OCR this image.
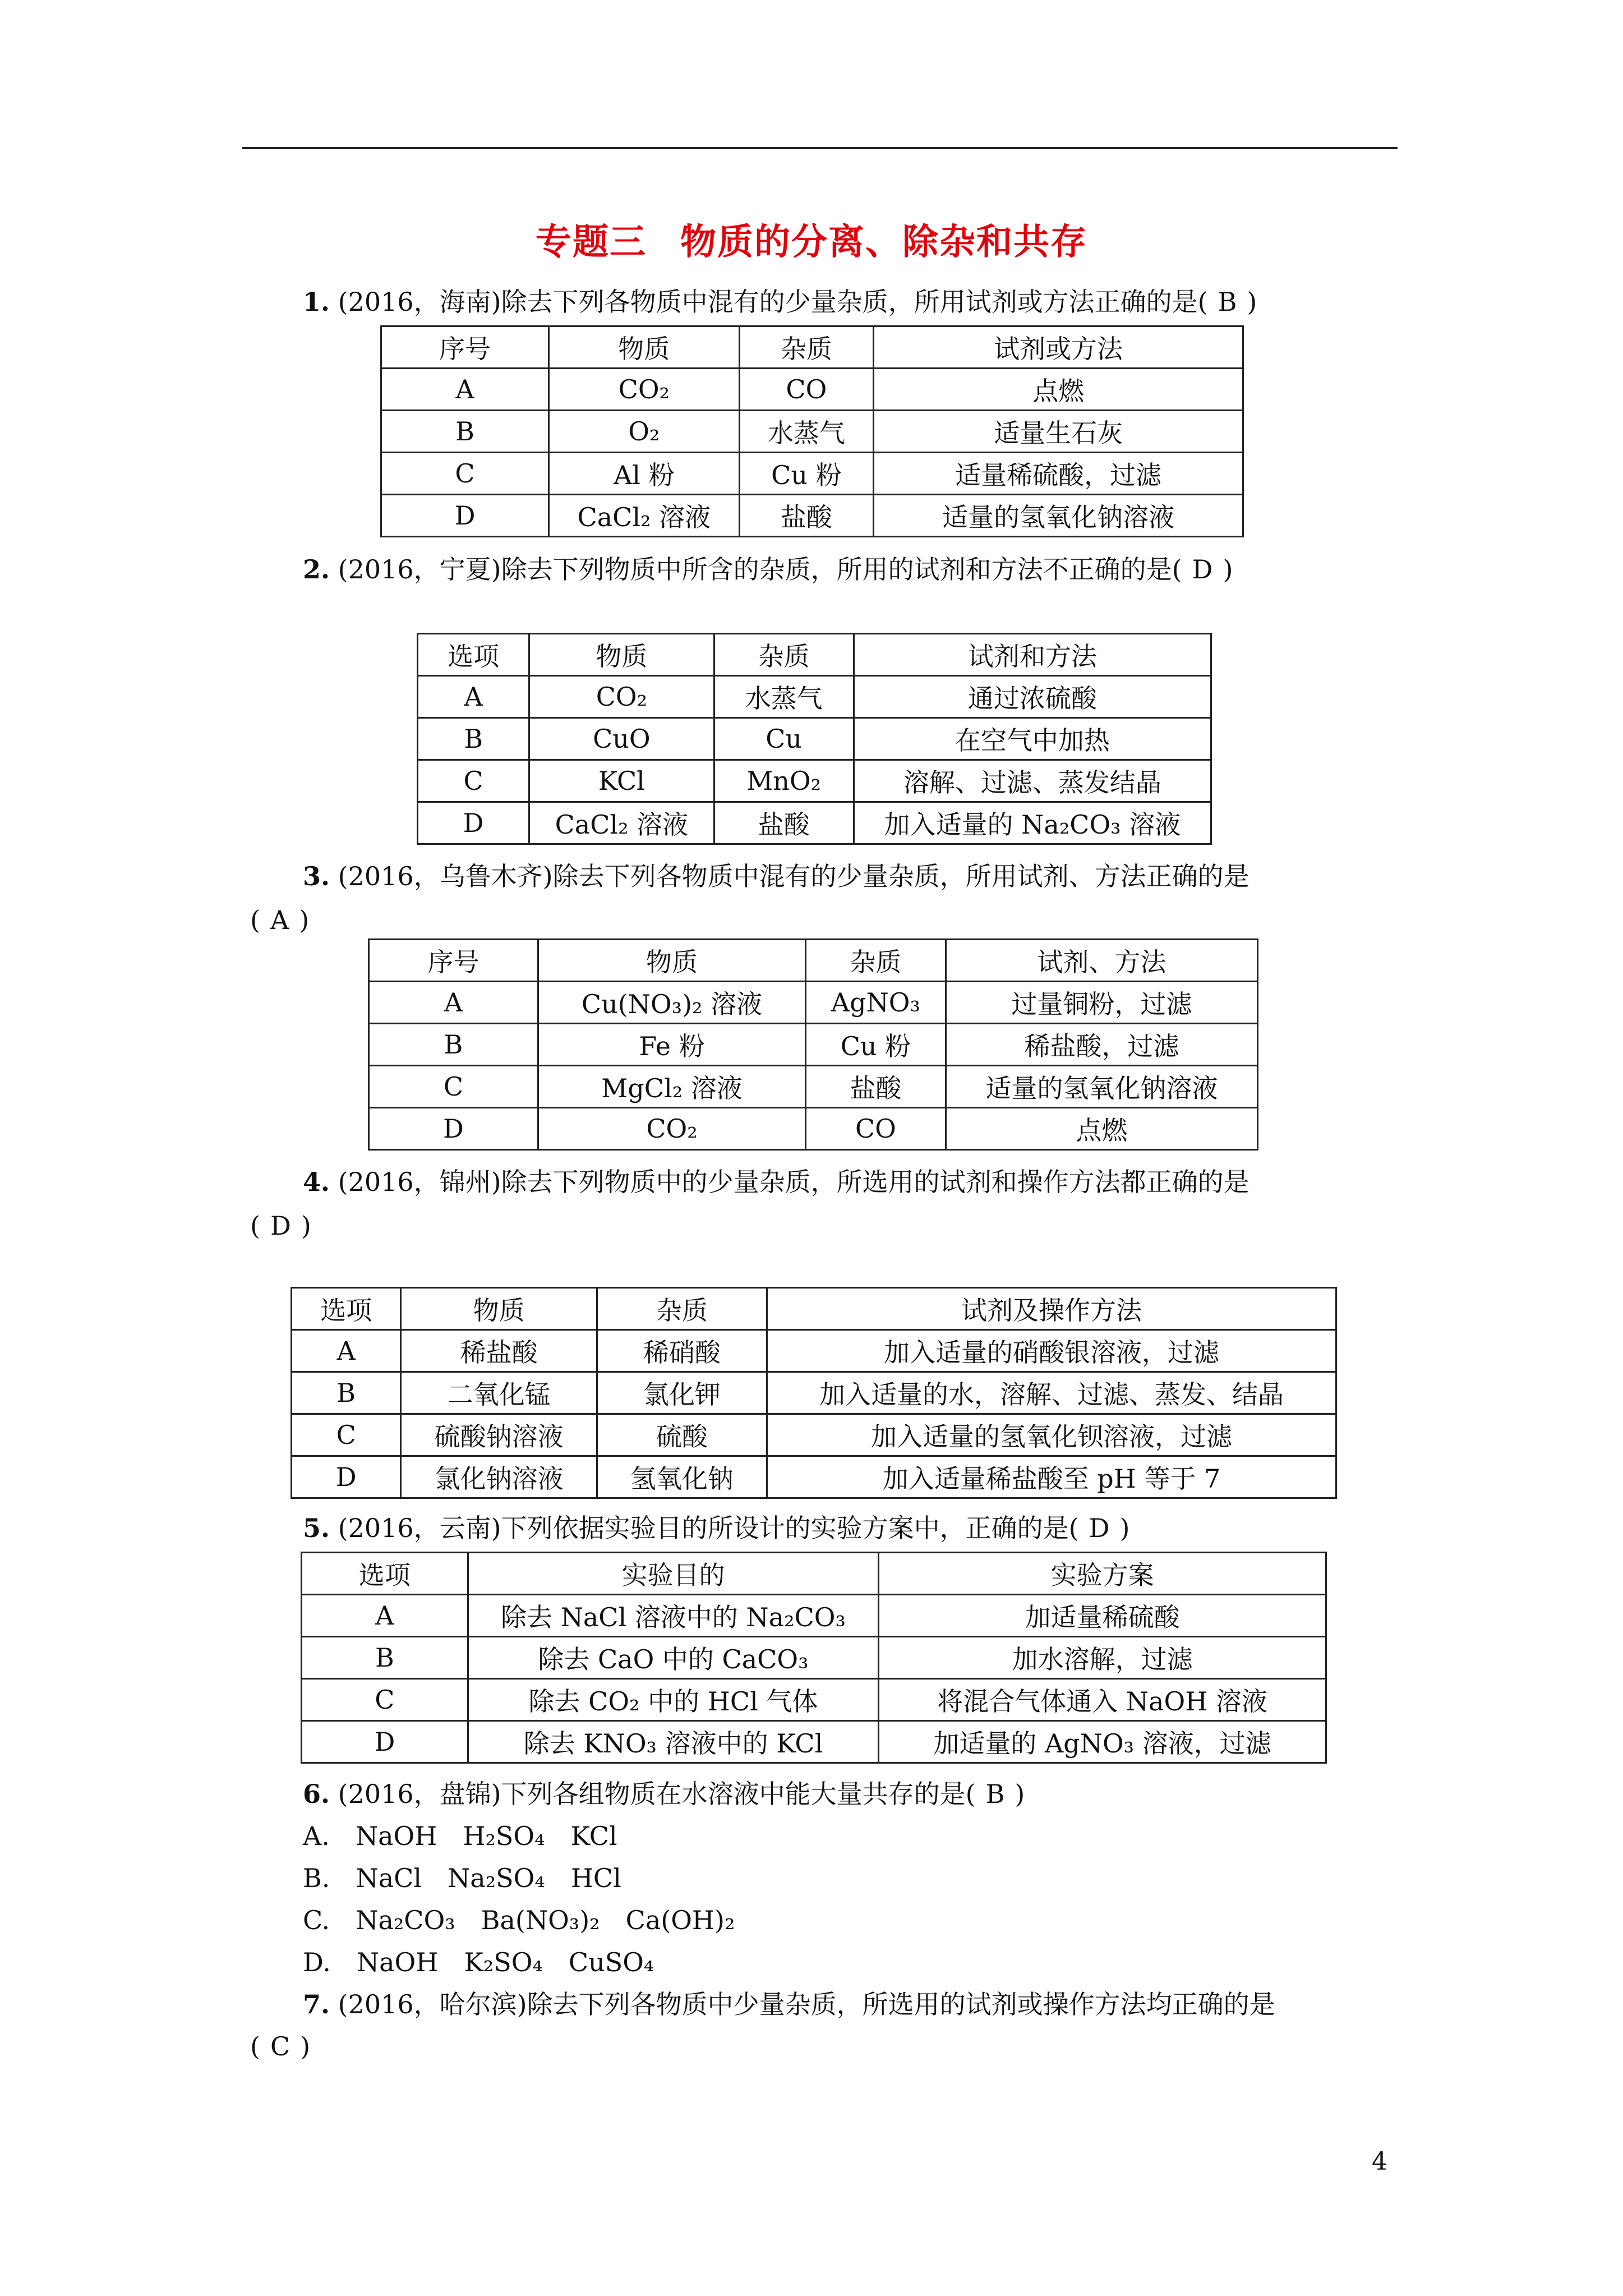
专题三 物质的分离、除杂和共存
1. (2016，海南)除去下列各物质中混有的少量杂质，所用试剂或方法正确的是( B )
序号	物质	杂质	试剂或方法
A	CO₂	CO	点燃
B	O₂	水蒸气	适量生石灰
C	Al 粉	Cu 粉	适量稀硫酸，过滤
D	CaCl₂ 溶液	盐酸	适量的氢氧化钠溶液
2. (2016，宁夏)除去下列物质中所含的杂质，所用的试剂和方法不正确的是( D )
选项	物质	杂质	试剂和方法
A	CO₂	水蒸气	通过浓硫酸
B	CuO	Cu	在空气中加热
C	KCl	MnO₂	溶解、过滤、蒸发结晶
D	CaCl₂ 溶液	盐酸	加入适量的 Na₂CO₃ 溶液
3. (2016，乌鲁木齐)除去下列各物质中混有的少量杂质，所用试剂、方法正确的是
( A )
序号	物质	杂质	试剂、方法
A	Cu(NO₃)₂ 溶液	AgNO₃	过量铜粉，过滤
B	Fe 粉	Cu 粉	稀盐酸，过滤
C	MgCl₂ 溶液	盐酸	适量的氢氧化钠溶液
D	CO₂	CO	点燃
4. (2016，锦州)除去下列物质中的少量杂质，所选用的试剂和操作方法都正确的是
( D )
选项	物质	杂质	试剂及操作方法
A	稀盐酸	稀硝酸	加入适量的硝酸银溶液，过滤
B	二氧化锰	氯化钾	加入适量的水，溶解、过滤、蒸发、结晶
C	硫酸钠溶液	硫酸	加入适量的氢氧化钡溶液，过滤
D	氯化钠溶液	氢氧化钠	加入适量稀盐酸至 pH 等于 7
5. (2016，云南)下列依据实验目的所设计的实验方案中，正确的是( D )
选项	实验目的	实验方案
A	除去 NaCl 溶液中的 Na₂CO₃	加适量稀硫酸
B	除去 CaO 中的 CaCO₃	加水溶解，过滤
C	除去 CO₂ 中的 HCl 气体	将混合气体通入 NaOH 溶液
D	除去 KNO₃ 溶液中的 KCl	加适量的 AgNO₃ 溶液，过滤
6. (2016，盘锦)下列各组物质在水溶液中能大量共存的是( B )
A. NaOH H₂SO₄ KCl
B. NaCl Na₂SO₄ HCl
C. Na₂CO₃ Ba(NO₃)₂ Ca(OH)₂
D. NaOH K₂SO₄ CuSO₄
7. (2016，哈尔滨)除去下列各物质中少量杂质，所选用的试剂或操作方法均正确的是
( C )
4
